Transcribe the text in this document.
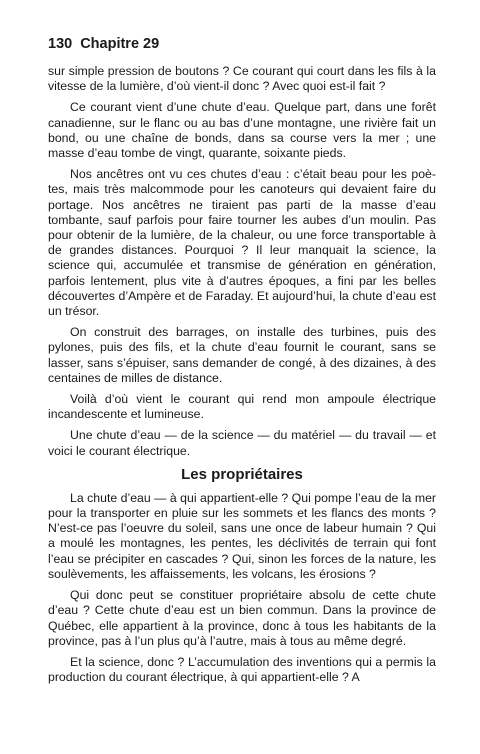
130 Chapitre 29

sur simple pression de boutons ? Ce courant qui court dans les fils à la vitesse de la lumière, d’où vient-il donc ? Avec quoi est-il fait ?

Ce courant vient d’une chute d’eau. Quelque part, dans une forêt canadienne, sur le flanc ou au bas d’une montagne, une rivière fait un bond, ou une chaîne de bonds, dans sa course vers la mer ; une masse d’eau tombe de vingt, quarante, soixante pieds.

Nos ancêtres ont vu ces chutes d’eau : c’était beau pour les poètes, mais très malcommode pour les canoteurs qui devaient faire du portage. Nos ancêtres ne tiraient pas parti de la masse d’eau tombante, sauf parfois pour faire tourner les aubes d’un moulin. Pas pour obtenir de la lumière, de la chaleur, ou une force transportable à de grandes distances. Pourquoi ? Il leur manquait la science, la science qui, accumulée et transmise de génération en génération, parfois lentement, plus vite à d’autres époques, a fini par les belles découvertes d’Ampère et de Faraday. Et aujourd’hui, la chute d’eau est un trésor.

On construit des barrages, on installe des turbines, puis des pylones, puis des fils, et la chute d’eau fournit le courant, sans se lasser, sans s’épuiser, sans demander de congé, à des dizaines, à des centaines de milles de distance.

Voilà d’où vient le courant qui rend mon ampoule électrique incandescente et lumineuse.

Une chute d’eau — de la science — du matériel — du travail — et voici le courant électrique.

Les propriétaires

La chute d’eau — à qui appartient-elle ? Qui pompe l’eau de la mer pour la transporter en pluie sur les sommets et les flancs des monts ? N’est-ce pas l’oeuvre du soleil, sans une once de labeur humain ? Qui a moulé les montagnes, les pentes, les déclivités de terrain qui font l’eau se précipiter en cascades ? Qui, sinon les forces de la nature, les soulèvements, les affaissements, les volcans, les érosions ?

Qui donc peut se constituer propriétaire absolu de cette chute d’eau ? Cette chute d’eau est un bien commun. Dans la province de Québec, elle appartient à la province, donc à tous les habitants de la province, pas à l’un plus qu’à l’autre, mais à tous au même degré.

Et la science, donc ? L’accumulation des inventions qui a permis la production du courant électrique, à qui appartient-elle ? A
